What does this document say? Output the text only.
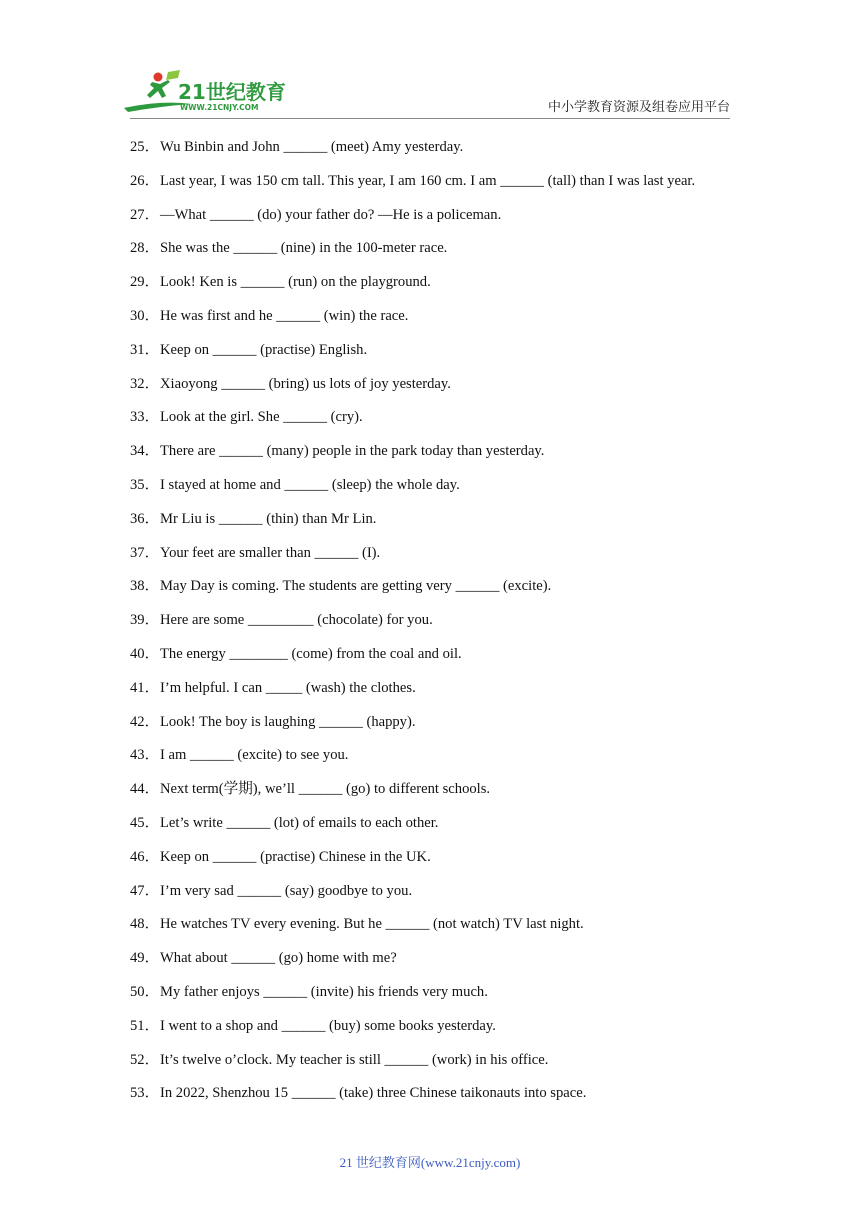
21世纪教育
WWW.21CNJY.COM	中小学教育资源及组卷应用平台
25．Wu Binbin and John ______ (meet) Amy yesterday.
26．Last year, I was 150 cm tall. This year, I am 160 cm. I am ______ (tall) than I was last year.
27．—What ______ (do) your father do? —He is a policeman.
28．She was the ______ (nine) in the 100-meter race.
29．Look! Ken is ______ (run) on the playground.
30．He was first and he ______ (win) the race.
31．Keep on ______ (practise) English.
32．Xiaoyong ______ (bring) us lots of joy yesterday.
33．Look at the girl. She ______ (cry).
34．There are ______ (many) people in the park today than yesterday.
35．I stayed at home and ______ (sleep) the whole day.
36．Mr Liu is ______ (thin) than Mr Lin.
37．Your feet are smaller than ______ (I).
38．May Day is coming. The students are getting very ______ (excite).
39．Here are some _________ (chocolate) for you.
40．The energy ________ (come) from the coal and oil.
41．I’m helpful. I can _____ (wash) the clothes.
42．Look! The boy is laughing ______ (happy).
43．I am ______ (excite) to see you.
44．Next term(学期), we’ll ______ (go) to different schools.
45．Let’s write ______ (lot) of emails to each other.
46．Keep on ______ (practise) Chinese in the UK.
47．I’m very sad ______ (say) goodbye to you.
48．He watches TV every evening. But he ______ (not watch) TV last night.
49．What about ______ (go) home with me?
50．My father enjoys ______ (invite) his friends very much.
51．I went to a shop and ______ (buy) some books yesterday.
52．It’s twelve o’clock. My teacher is still ______ (work) in his office.
53．In 2022, Shenzhou 15 ______ (take) three Chinese taikonauts into space.
21 世纪教育网(www.21cnjy.com)
